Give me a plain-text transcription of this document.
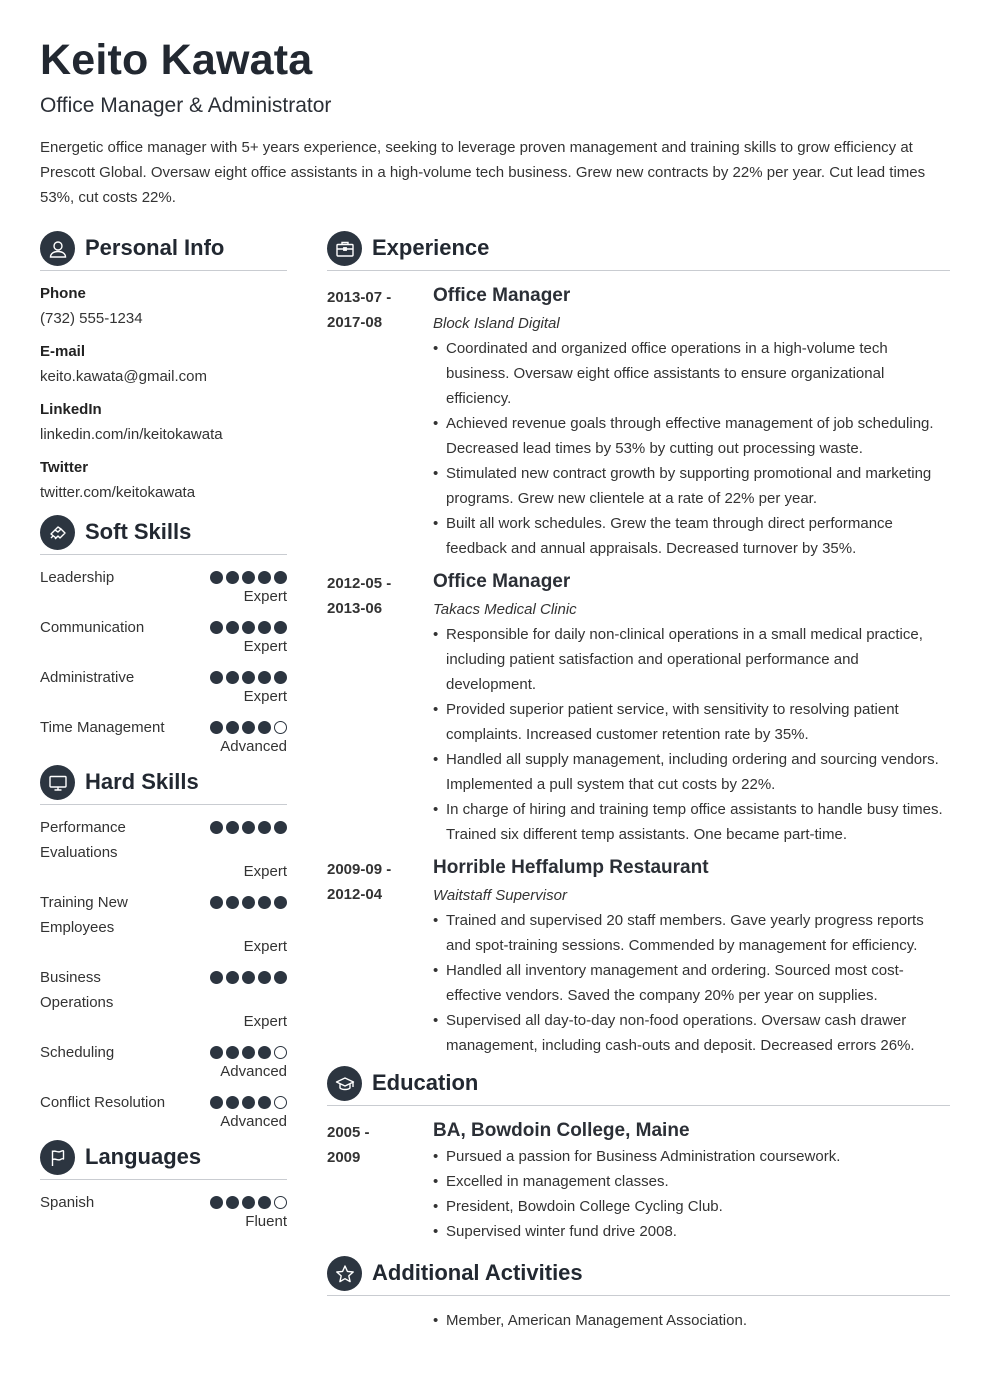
Keito Kawata
Office Manager & Administrator
Energetic office manager with 5+ years experience, seeking to leverage proven management and training skills to grow efficiency at Prescott Global. Oversaw eight office assistants in a high-volume tech business. Grew new contracts by 22% per year. Cut lead times 53%, cut costs 22%.
Personal Info
Phone
(732) 555-1234
E-mail
keito.kawata@gmail.com
LinkedIn
linkedin.com/in/keitokawata
Twitter
twitter.com/keitokawata
Soft Skills
Leadership
Expert
Communication
Expert
Administrative
Expert
Time Management
Advanced
Hard Skills
Performance Evaluations
Expert
Training New Employees
Expert
Business Operations
Expert
Scheduling
Advanced
Conflict Resolution
Advanced
Languages
Spanish
Fluent
Experience
2013-07 -
2017-08
Office Manager
Block Island Digital
• Coordinated and organized office operations in a high-volume tech business. Oversaw eight office assistants to ensure organizational efficiency.
• Achieved revenue goals through effective management of job scheduling. Decreased lead times by 53% by cutting out processing waste.
• Stimulated new contract growth by supporting promotional and marketing programs. Grew new clientele at a rate of 22% per year.
• Built all work schedules. Grew the team through direct performance feedback and annual appraisals. Decreased turnover by 35%.
2012-05 -
2013-06
Office Manager
Takacs Medical Clinic
• Responsible for daily non-clinical operations in a small medical practice, including patient satisfaction and operational performance and development.
• Provided superior patient service, with sensitivity to resolving patient complaints. Increased customer retention rate by 35%.
• Handled all supply management, including ordering and sourcing vendors. Implemented a pull system that cut costs by 22%.
• In charge of hiring and training temp office assistants to handle busy times. Trained six different temp assistants. One became part-time.
2009-09 -
2012-04
Horrible Heffalump Restaurant
Waitstaff Supervisor
• Trained and supervised 20 staff members. Gave yearly progress reports and spot-training sessions. Commended by management for efficiency.
• Handled all inventory management and ordering. Sourced most cost-effective vendors. Saved the company 20% per year on supplies.
• Supervised all day-to-day non-food operations. Oversaw cash drawer management, including cash-outs and deposit. Decreased errors 26%.
Education
2005 -
2009
BA, Bowdoin College, Maine
• Pursued a passion for Business Administration coursework.
• Excelled in management classes.
• President, Bowdoin College Cycling Club.
• Supervised winter fund drive 2008.
Additional Activities
• Member, American Management Association.
